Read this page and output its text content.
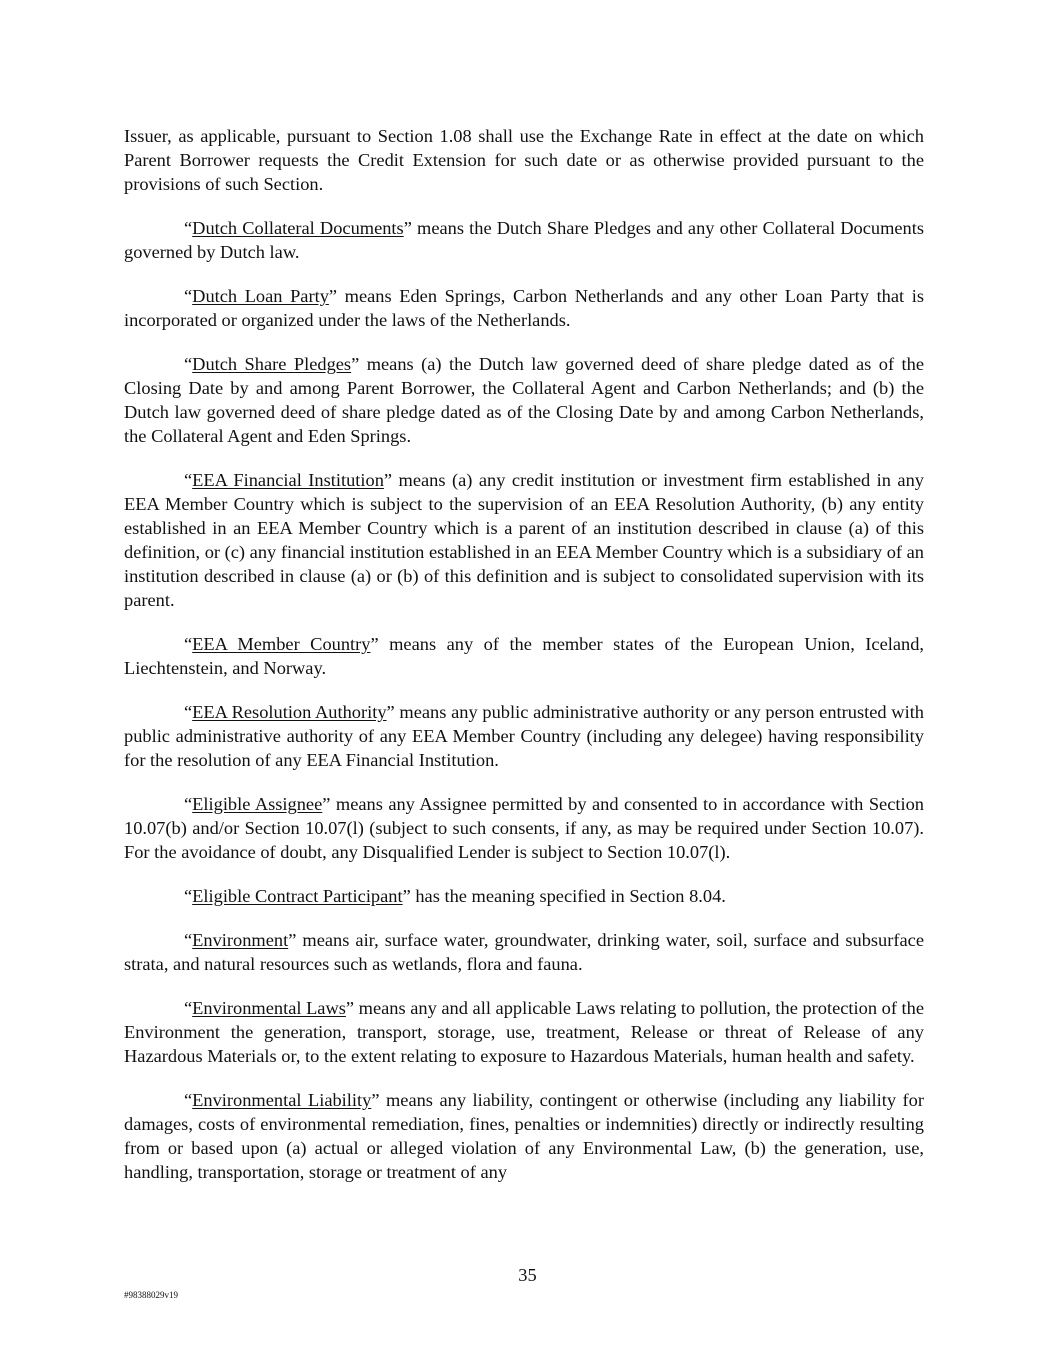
Issuer, as applicable, pursuant to Section 1.08 shall use the Exchange Rate in effect at the date on which Parent Borrower requests the Credit Extension for such date or as otherwise provided pursuant to the provisions of such Section.

“Dutch Collateral Documents” means the Dutch Share Pledges and any other Collateral Documents governed by Dutch law.

“Dutch Loan Party” means Eden Springs, Carbon Netherlands and any other Loan Party that is incorporated or organized under the laws of the Netherlands.

“Dutch Share Pledges” means (a) the Dutch law governed deed of share pledge dated as of the Closing Date by and among Parent Borrower, the Collateral Agent and Carbon Netherlands; and (b) the Dutch law governed deed of share pledge dated as of the Closing Date by and among Carbon Netherlands, the Collateral Agent and Eden Springs.

“EEA Financial Institution” means (a) any credit institution or investment firm established in any EEA Member Country which is subject to the supervision of an EEA Resolution Authority, (b) any entity established in an EEA Member Country which is a parent of an institution described in clause (a) of this definition, or (c) any financial institution established in an EEA Member Country which is a subsidiary of an institution described in clause (a) or (b) of this definition and is subject to consolidated supervision with its parent.

“EEA Member Country” means any of the member states of the European Union, Iceland, Liechtenstein, and Norway.

“EEA Resolution Authority” means any public administrative authority or any person entrusted with public administrative authority of any EEA Member Country (including any delegee) having responsibility for the resolution of any EEA Financial Institution.

“Eligible Assignee” means any Assignee permitted by and consented to in accordance with Section 10.07(b) and/or Section 10.07(l) (subject to such consents, if any, as may be required under Section 10.07). For the avoidance of doubt, any Disqualified Lender is subject to Section 10.07(l).

“Eligible Contract Participant” has the meaning specified in Section 8.04.

“Environment” means air, surface water, groundwater, drinking water, soil, surface and subsurface strata, and natural resources such as wetlands, flora and fauna.

“Environmental Laws” means any and all applicable Laws relating to pollution, the protection of the Environment the generation, transport, storage, use, treatment, Release or threat of Release of any Hazardous Materials or, to the extent relating to exposure to Hazardous Materials, human health and safety.

“Environmental Liability” means any liability, contingent or otherwise (including any liability for damages, costs of environmental remediation, fines, penalties or indemnities) directly or indirectly resulting from or based upon (a) actual or alleged violation of any Environmental Law, (b) the generation, use, handling, transportation, storage or treatment of any

35
#98388029v19
